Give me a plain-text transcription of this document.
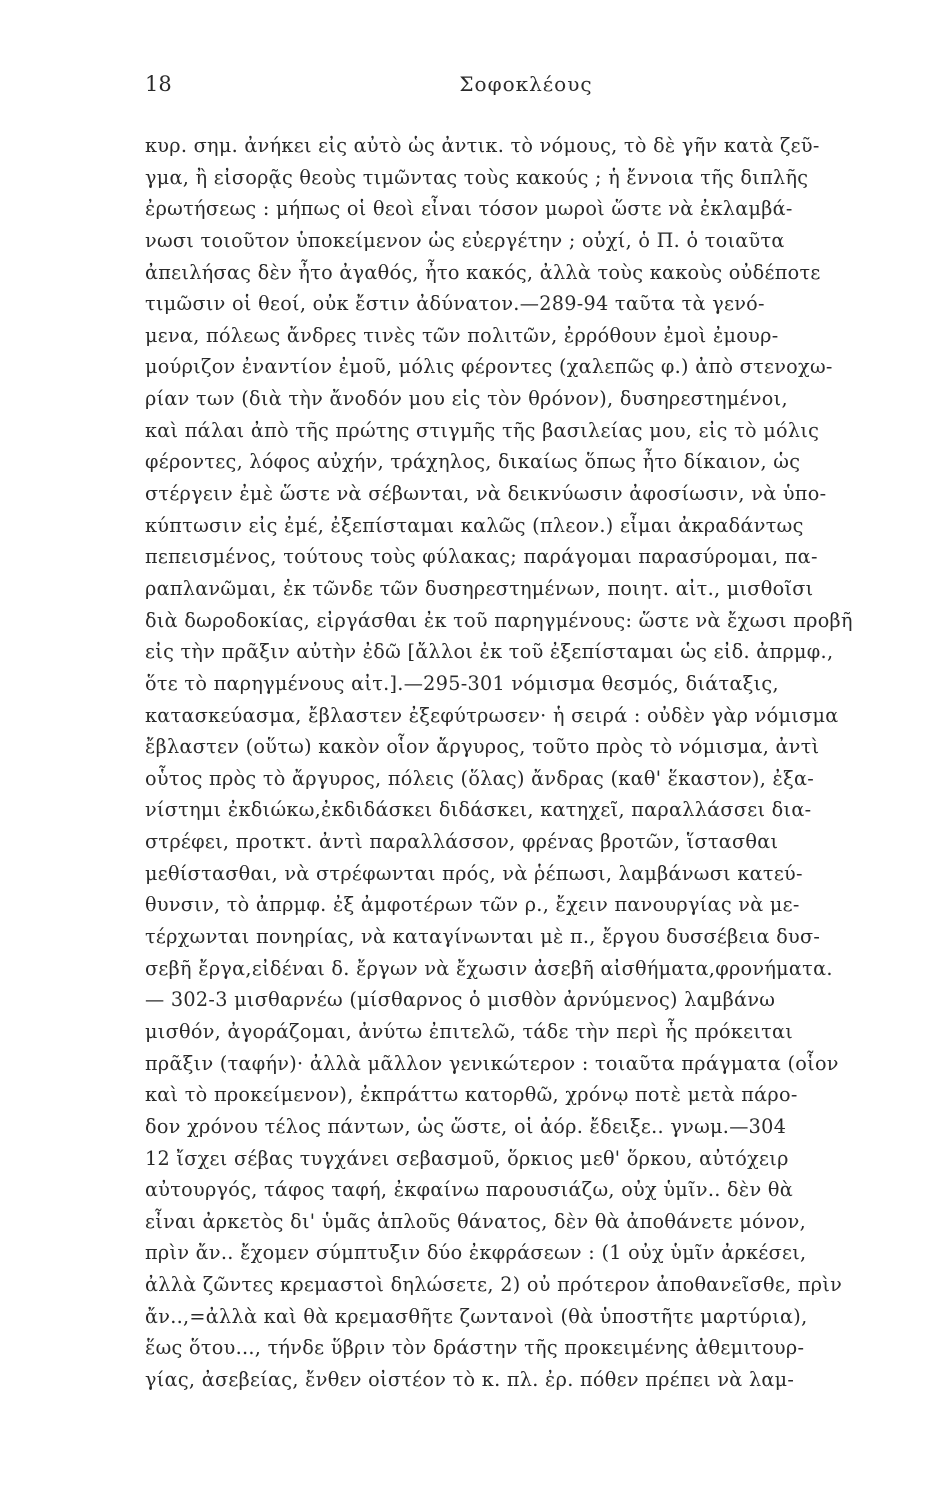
18	Σοφοκλέους
κυρ. σημ. ἀνήκει εἰς αὐτὸ ὡς ἀντικ. τὸ νόμους, τὸ δὲ γῆν κατὰ ζεῦ-
γμα, ἢ εἰσορᾷς θεοὺς τιμῶντας τοὺς κακούς ; ἡ ἔννοια τῆς διπλῆς
ἐρωτήσεως : μήπως οἱ θεοὶ εἶναι τόσον μωροὶ ὥστε νὰ ἐκλαμβά-
νωσι τοιοῦτον ὑποκείμενον ὡς εὐεργέτην ; οὐχί, ὁ Π. ὁ τοιαῦτα
ἀπειλήσας δὲν ἦτο ἀγαθός, ἦτο κακός, ἀλλὰ τοὺς κακοὺς οὐδέποτε
τιμῶσιν οἱ θεοί, οὐκ ἔστιν ἀδύνατον.—289-94 ταῦτα τὰ γενό-
μενα, πόλεως ἄνδρες τινὲς τῶν πολιτῶν, ἐρρόθουν ἐμοὶ ἐμουρ-
μούριζον ἐναντίον ἐμοῦ, μόλις φέροντες (χαλεπῶς φ.) ἀπὸ στενοχω-
ρίαν των (διὰ τὴν ἄνοδόν μου εἰς τὸν θρόνον), δυσηρεστημένοι,
καὶ πάλαι ἀπὸ τῆς πρώτης στιγμῆς τῆς βασιλείας μου, εἰς τὸ μόλις
φέροντες, λόφος αὐχήν, τράχηλος, δικαίως ὅπως ἦτο δίκαιον, ὡς
στέργειν ἐμὲ ὥστε νὰ σέβωνται, νὰ δεικνύωσιν ἀφοσίωσιν, νὰ ὑπο-
κύπτωσιν εἰς ἐμέ, ἐξεπίσταμαι καλῶς (πλεον.) εἶμαι ἀκραδάντως
πεπεισμένος, τούτους τοὺς φύλακας; παράγομαι παρασύρομαι, πα-
ραπλανῶμαι, ἐκ τῶνδε τῶν δυσηρεστημένων, ποιητ. αἰτ., μισθοῖσι
διὰ δωροδοκίας, εἰργάσθαι ἐκ τοῦ παρηγμένους: ὥστε νὰ ἔχωσι προβῆ
εἰς τὴν πρᾶξιν αὐτὴν ἐδῶ [ἄλλοι ἐκ τοῦ ἐξεπίσταμαι ὡς εἰδ. ἀπρμφ.,
ὅτε τὸ παρηγμένους αἰτ.].—295-301 νόμισμα θεσμός, διάταξις,
κατασκεύασμα, ἔβλαστεν ἐξεφύτρωσεν· ἡ σειρά : οὐδὲν γὰρ νόμισμα
ἔβλαστεν (οὕτω) κακὸν οἷον ἄργυρος, τοῦτο πρὸς τὸ νόμισμα, ἀντὶ
οὗτος πρὸς τὸ ἄργυρος, πόλεις (ὅλας) ἄνδρας (καθ' ἕκαστον), ἐξα-
νίστημι ἐκδιώκω,ἐκδιδάσκει διδάσκει, κατηχεῖ, παραλλάσσει δια-
στρέφει, προτκτ. ἀντὶ παραλλάσσον, φρένας βροτῶν, ἵστασθαι
μεθίστασθαι, νὰ στρέφωνται πρός, νὰ ῥέπωσι, λαμβάνωσι κατεύ-
θυνσιν, τὸ ἀπρμφ. ἐξ ἀμφοτέρων τῶν ρ., ἔχειν πανουργίας νὰ με-
τέρχωνται πονηρίας, νὰ καταγίνωνται μὲ π., ἔργου δυσσέβεια δυσ-
σεβῆ ἔργα,εἰδέναι δ. ἔργων νὰ ἔχωσιν ἀσεβῆ αἰσθήματα,φρονήματα.
— 302-3 μισθαρνέω (μίσθαρνος ὁ μισθὸν ἀρνύμενος) λαμβάνω
μισθόν, ἀγοράζομαι, ἀνύτω ἐπιτελῶ, τάδε τὴν περὶ ἧς πρόκειται
πρᾶξιν (ταφήν)· ἀλλὰ μᾶλλον γενικώτερον : τοιαῦτα πράγματα (οἷον
καὶ τὸ προκείμενον), ἐκπράττω κατορθῶ, χρόνῳ ποτὲ μετὰ πάρο-
δον χρόνου τέλος πάντων, ὡς ὥστε, οἱ ἀόρ. ἔδειξε.. γνωμ.—304
12 ἴσχει σέβας τυγχάνει σεβασμοῦ, ὅρκιος μεθ' ὅρκου, αὐτόχειρ
αὐτουργός, τάφος ταφή, ἐκφαίνω παρουσιάζω, οὐχ ὑμῖν.. δὲν θὰ
εἶναι ἀρκετὸς δι' ὑμᾶς ἁπλοῦς θάνατος, δὲν θὰ ἀποθάνετε μόνον,
πρὶν ἄν.. ἔχομεν σύμπτυξιν δύο ἐκφράσεων : (1 οὐχ ὑμῖν ἀρκέσει,
ἀλλὰ ζῶντες κρεμαστοὶ δηλώσετε, 2) οὐ πρότερον ἀποθανεῖσθε, πρὶν
ἄν..,=ἀλλὰ καὶ θὰ κρεμασθῆτε ζωντανοὶ (θὰ ὑποστῆτε μαρτύρια),
ἕως ὅτου..., τήνδε ὕβριν τὸν δράστην τῆς προκειμένης ἀθεμιτουρ-
γίας, ἀσεβείας, ἔνθεν οἰστέον τὸ κ. πλ. ἐρ. πόθεν πρέπει νὰ λαμ-
